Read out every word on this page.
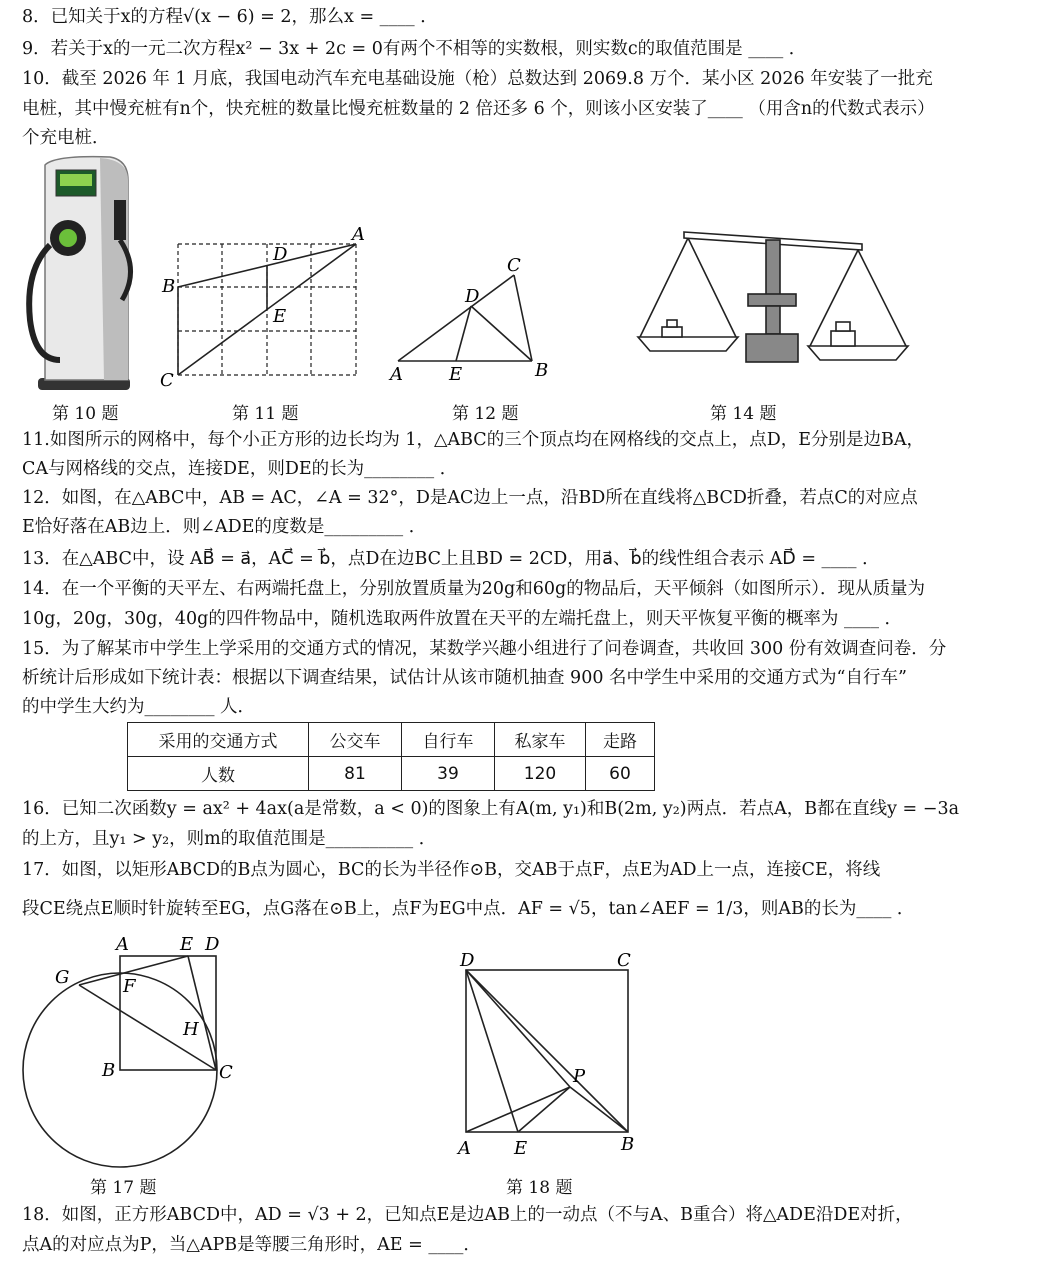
8．已知关于x的方程√(x − 6) = 2，那么x = ____ ．
9．若关于x的一元二次方程x² − 3x + 2c = 0有两个不相等的实数根，则实数c的取值范围是 ____ ．
10．截至 2026 年 1 月底，我国电动汽车充电基础设施（枪）总数达到 2069.8 万个．某小区 2026 年安装了一批充
电桩，其中慢充桩有n个，快充桩的数量比慢充桩数量的 2 倍还多 6 个，则该小区安装了____ （用含n的代数式表示）
个充电桩．
A
B
C
D
E
A	B
C
D
E
第 10 题	第 11 题	第 12 题	第 14 题
11.如图所示的网格中，每个小正方形的边长均为 1，△ABC的三个顶点均在网格线的交点上，点D，E分别是边BA，
CA与网格线的交点，连接DE，则DE的长为________ ．
12．如图，在△ABC中，AB = AC，∠A = 32°，D是AC边上一点，沿BD所在直线将△BCD折叠，若点C的对应点
E恰好落在AB边上．则∠ADE的度数是_________ ．
13．在△ABC中，设 AB⃗ = a⃗，AC⃗ = b⃗，点D在边BC上且BD = 2CD，用a⃗、b⃗的线性组合表示 AD⃗ = ____ ．
14．在一个平衡的天平左、右两端托盘上，分别放置质量为20g和60g的物品后，天平倾斜（如图所示）．现从质量为
10g，20g，30g，40g的四件物品中，随机选取两件放置在天平的左端托盘上，则天平恢复平衡的概率为 ____ ．
15．为了解某市中学生上学采用的交通方式的情况，某数学兴趣小组进行了问卷调查，共收回 300 份有效调查问卷．分
析统计后形成如下统计表：根据以下调查结果，试估计从该市随机抽查 900 名中学生中采用的交通方式为“自行车”
的中学生大约为________ 人．
采用的交通方式	公交车	自行车	私家车	走路
人数	81	39	120	60
16．已知二次函数y = ax² + 4ax(a是常数，a < 0)的图象上有A(m, y₁)和B(2m, y₂)两点．若点A，B都在直线y = −3a
的上方，且y₁ > y₂，则m的取值范围是__________ ．
17．如图，以矩形ABCD的B点为圆心，BC的长为半径作⊙B，交AB于点F，点E为AD上一点，连接CE，将线
段CE绕点E顺时针旋转至EG，点G落在⊙B上，点F为EG中点．AF = √5，tan∠AEF = 1/3，则AB的长为____ ．
A
B	C
D
E
F
G
H
D	C
A E	B
P
第 17 题	第 18 题
18．如图，正方形ABCD中，AD = √3 + 2，已知点E是边AB上的一动点（不与A、B重合）将△ADE沿DE对折，
点A的对应点为P，当△APB是等腰三角形时，AE = ____．
